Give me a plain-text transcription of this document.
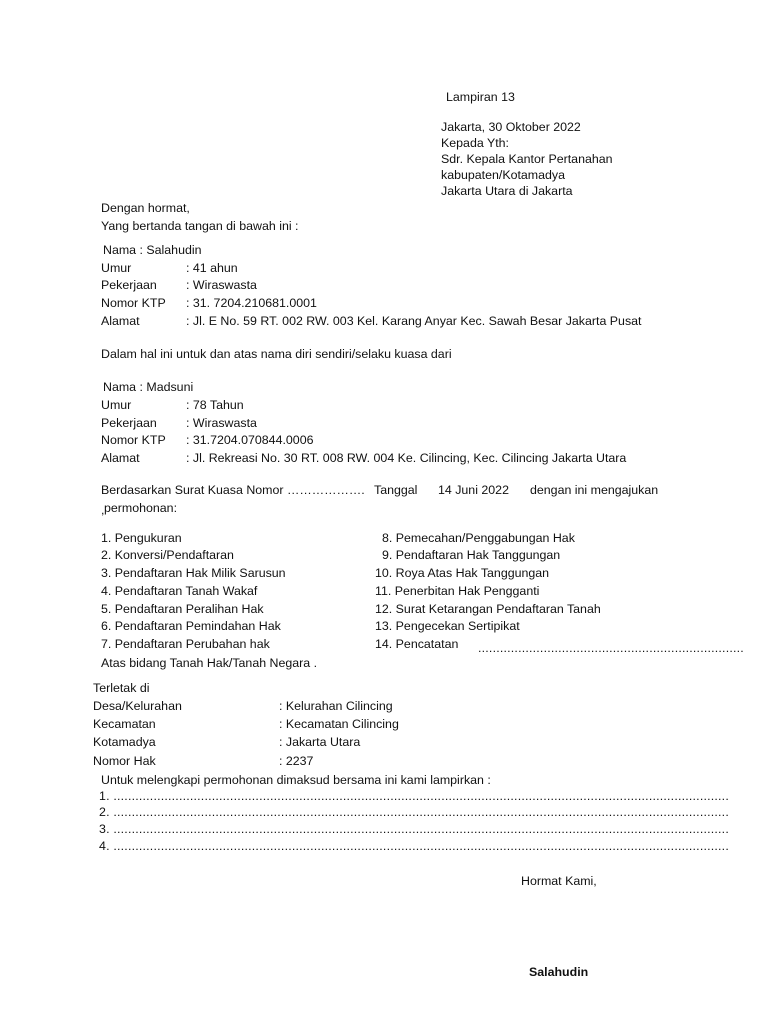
Lampiran 13
Jakarta, 30 Oktober 2022
Kepada Yth:
Sdr. Kepala Kantor Pertanahan
kabupaten/Kotamadya
Jakarta Utara di Jakarta
Dengan hormat,
Yang bertanda tangan di bawah ini :
Nama : Salahudin
Umur	: 41 ahun
Pekerjaan : Wiraswasta
Nomor KTP : 31. 7204.210681.0001
Alamat	: Jl. E No. 59 RT. 002 RW. 003 Kel. Karang Anyar Kec. Sawah Besar Jakarta Pusat
Dalam hal ini untuk dan atas nama diri sendiri/selaku kuasa dari
Nama : Madsuni
Umur	: 78 Tahun
Pekerjaan : Wiraswasta
Nomor KTP : 31.7204.070844.0006
Alamat	: Jl. Rekreasi No. 30 RT. 008 RW. 004 Ke. Cilincing, Kec. Cilincing Jakarta Utara
Berdasarkan Surat Kuasa Nomor ………………. Tanggal 14 Juni 2022 dengan ini mengajukan
, permohonan:
1. Pengukuran
2. Konversi/Pendaftaran
3. Pendaftaran Hak Milik Sarusun
4. Pendaftaran Tanah Wakaf
5. Pendaftaran Peralihan Hak
6. Pendaftaran Pemindahan Hak
7. Pendaftaran Perubahan hak
8. Pemecahan/Penggabungan Hak
9. Pendaftaran Hak Tanggungan
10. Roya Atas Hak Tanggungan
11. Penerbitan Hak Pengganti
12. Surat Ketarangan Pendaftaran Tanah
13. Pengecekan Sertipikat
14. Pencatatan .........................................................................
Atas bidang Tanah Hak/Tanah Negara .
Terletak di
Desa/Kelurahan	: Kelurahan Cilincing
Kecamatan	: Kecamatan Cilincing
Kotamadya	: Jakarta Utara
Nomor Hak	: 2237
Untuk melengkapi permohonan dimaksud bersama ini kami lampirkan :
1. .........................................................................................................................................................................
2. .........................................................................................................................................................................
3. .........................................................................................................................................................................
4. .........................................................................................................................................................................
Hormat Kami,
Salahudin
